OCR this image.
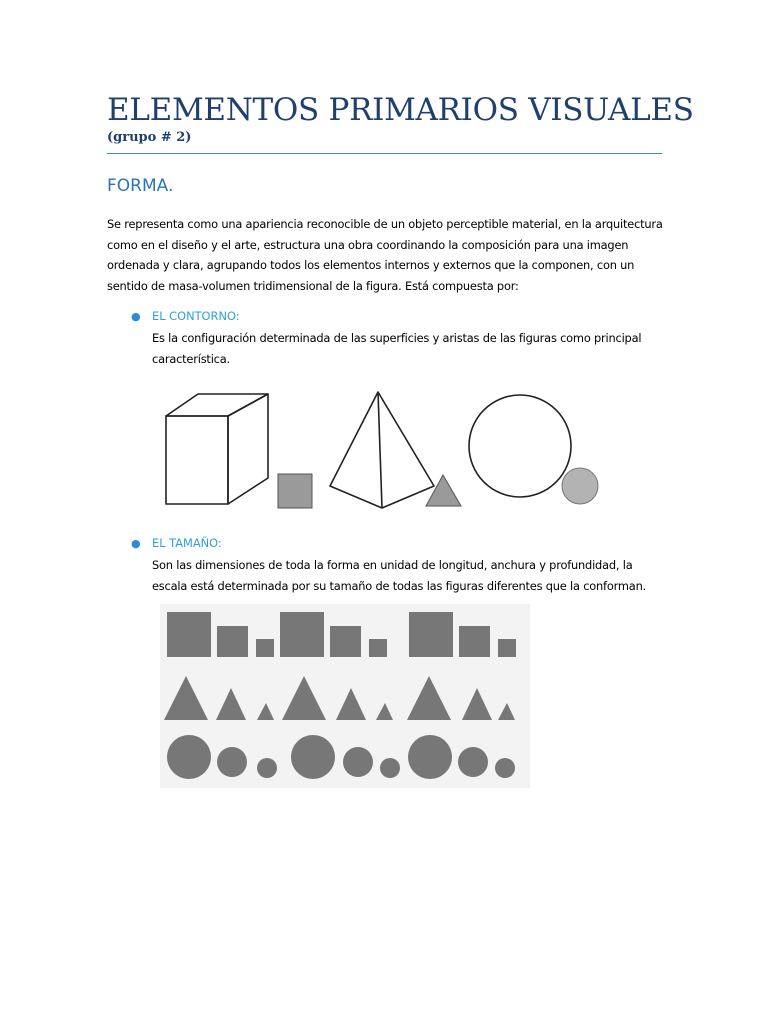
ELEMENTOS PRIMARIOS VISUALES
(grupo # 2)
FORMA.

Se representa como una apariencia reconocible de un objeto perceptible material, en la arquitectura como en el diseño y el arte, estructura una obra coordinando la composición para una imagen ordenada y clara, agrupando todos los elementos internos y externos que la componen, con un sentido de masa-volumen tridimensional de la figura. Está compuesta por:

● EL CONTORNO:

Es la configuración determinada de las superficies y aristas de las figuras como principal característica.

● EL TAMAÑO:

Son las dimensiones de toda la forma en unidad de longitud, anchura y profundidad, la escala está determinada por su tamaño de todas las figuras diferentes que la conforman.
